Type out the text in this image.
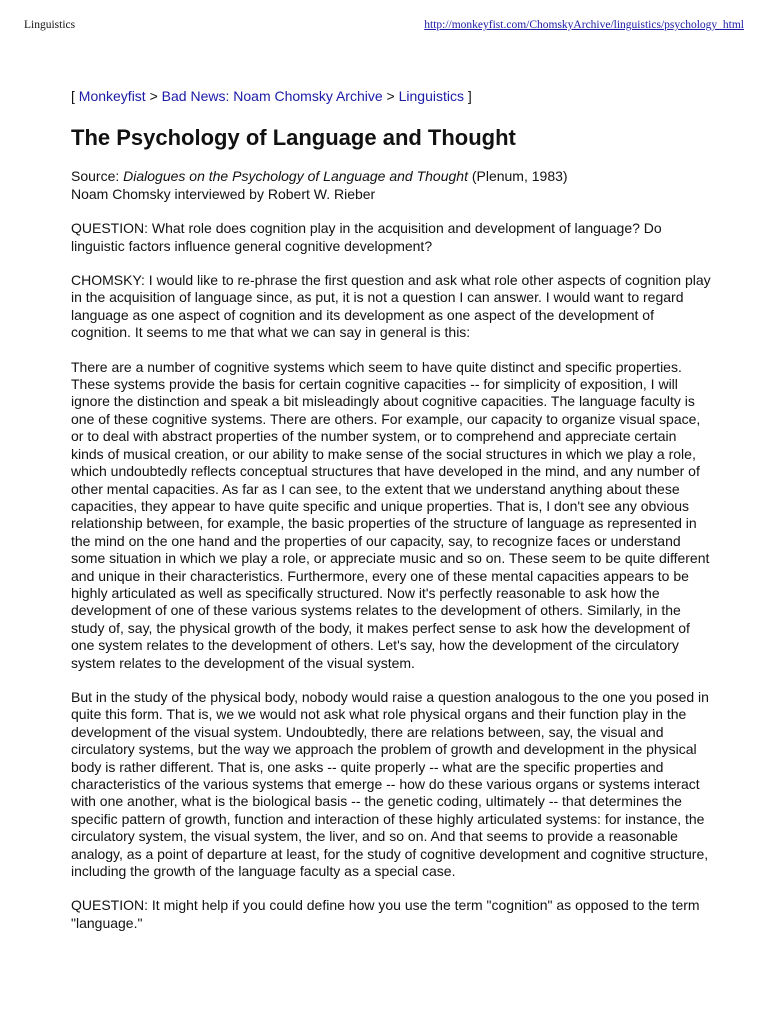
Linguistics	http://monkeyfist.com/ChomskyArchive/linguistics/psychology_html
[ Monkeyfist > Bad News: Noam Chomsky Archive > Linguistics ]
The Psychology of Language and Thought
Source: Dialogues on the Psychology of Language and Thought (Plenum, 1983)
Noam Chomsky interviewed by Robert W. Rieber

QUESTION: What role does cognition play in the acquisition and development of language? Do linguistic factors influence general cognitive development?

CHOMSKY: I would like to re-phrase the first question and ask what role other aspects of cognition play in the acquisition of language since, as put, it is not a question I can answer. I would want to regard language as one aspect of cognition and its development as one aspect of the development of cognition. It seems to me that what we can say in general is this:

There are a number of cognitive systems which seem to have quite distinct and specific properties. These systems provide the basis for certain cognitive capacities -- for simplicity of exposition, I will ignore the distinction and speak a bit misleadingly about cognitive capacities. The language faculty is one of these cognitive systems. There are others. For example, our capacity to organize visual space, or to deal with abstract properties of the number system, or to comprehend and appreciate certain kinds of musical creation, or our ability to make sense of the social structures in which we play a role, which undoubtedly reflects conceptual structures that have developed in the mind, and any number of other mental capacities. As far as I can see, to the extent that we understand anything about these capacities, they appear to have quite specific and unique properties. That is, I don't see any obvious relationship between, for example, the basic properties of the structure of language as represented in the mind on the one hand and the properties of our capacity, say, to recognize faces or understand some situation in which we play a role, or appreciate music and so on. These seem to be quite different and unique in their characteristics. Furthermore, every one of these mental capacities appears to be highly articulated as well as specifically structured. Now it's perfectly reasonable to ask how the development of one of these various systems relates to the development of others. Similarly, in the study of, say, the physical growth of the body, it makes perfect sense to ask how the development of one system relates to the development of others. Let's say, how the development of the circulatory system relates to the development of the visual system.

But in the study of the physical body, nobody would raise a question analogous to the one you posed in quite this form. That is, we we would not ask what role physical organs and their function play in the development of the visual system. Undoubtedly, there are relations between, say, the visual and circulatory systems, but the way we approach the problem of growth and development in the physical body is rather different. That is, one asks -- quite properly -- what are the specific properties and characteristics of the various systems that emerge -- how do these various organs or systems interact with one another, what is the biological basis -- the genetic coding, ultimately -- that determines the specific pattern of growth, function and interaction of these highly articulated systems: for instance, the circulatory system, the visual system, the liver, and so on. And that seems to provide a reasonable analogy, as a point of departure at least, for the study of cognitive development and cognitive structure, including the growth of the language faculty as a special case.

QUESTION: It might help if you could define how you use the term "cognition" as opposed to the term "language."
